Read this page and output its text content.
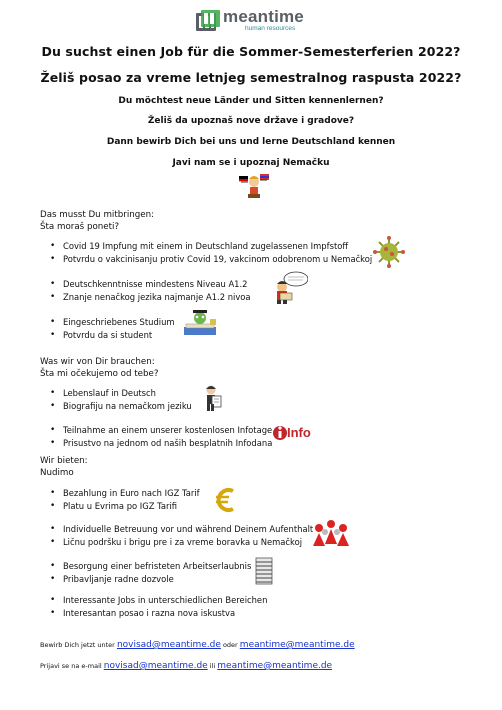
meantime
human resources
Du suchst einen Job für die Sommer-Semesterferien 2022?
Želiš posao za vreme letnjeg semestralnog raspusta 2022?
Du möchtest neue Länder und Sitten kennenlernen?
Želiš da upoznaš nove države i gradove?
Dann bewirb Dich bei uns und lerne Deutschland kennen
Javi nam se i upoznaj Nemačku
Das musst Du mitbringen:
Šta moraš poneti?
• Covid 19 Impfung mit einem in Deutschland zugelassenen Impfstoff
• Potvrdu o vakcinisanju protiv Covid 19, vakcinom odobrenom u Nemačkoj
• Deutschkenntnisse mindestens Niveau A1.2
• Znanje nenačkog jezika najmanje A1.2 nivoa
• Eingeschriebenes Studium
• Potvrdu da si student
Was wir von Dir brauchen:
Šta mi očekujemo od tebe?
• Lebenslauf in Deutsch
• Biografiju na nemačkom jeziku
• Teilnahme an einem unserer kostenlosen Infotage
• Prisustvo na jednom od naših besplatnih Infodana
Info
Wir bieten:
Nudimo
• Bezahlung in Euro nach IGZ Tarif
• Platu u Evrima po IGZ Tarifi
• Individuelle Betreuung vor und während Deinem Aufenthalt
• Ličnu podršku i brigu pre i za vreme boravka u Nemačkoj
• Besorgung einer befristeten Arbeitserlaubnis
• Pribavljanje radne dozvole
• Interessante Jobs in unterschiedlichen Bereichen
• Interesantan posao i razna nova iskustva
Bewirb Dich jetzt unter novisad@meantime.de oder meantime@meantime.de
Prijavi se na e-mail novisad@meantime.de ili meantime@meantime.de
